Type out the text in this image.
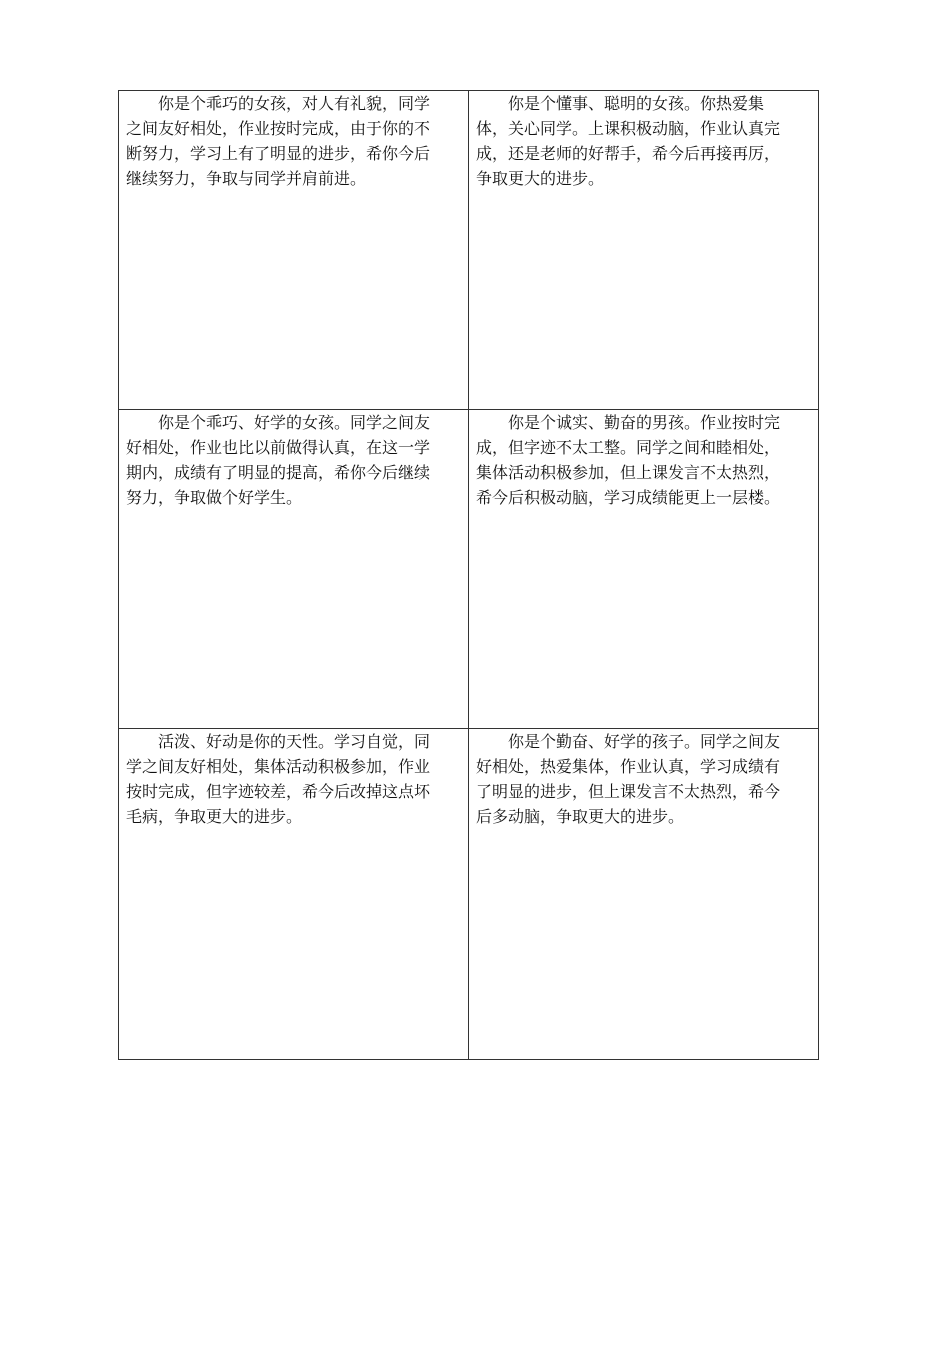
你是个乖巧的女孩，对人有礼貌，同学之间友好相处，作业按时完成，由于你的不断努力，学习上有了明显的进步，希你今后继续努力，争取与同学并肩前进。	你是个懂事、聪明的女孩。你热爱集体，关心同学。上课积极动脑，作业认真完成，还是老师的好帮手，希今后再接再厉，争取更大的进步。

你是个乖巧、好学的女孩。同学之间友好相处，作业也比以前做得认真，在这一学期内，成绩有了明显的提高，希你今后继续努力，争取做个好学生。	你是个诚实、勤奋的男孩。作业按时完成，但字迹不太工整。同学之间和睦相处，集体活动积极参加，但上课发言不太热烈，希今后积极动脑，学习成绩能更上一层楼。

活泼、好动是你的天性。学习自觉，同学之间友好相处，集体活动积极参加，作业按时完成，但字迹较差，希今后改掉这点坏毛病，争取更大的进步。	你是个勤奋、好学的孩子。同学之间友好相处，热爱集体，作业认真，学习成绩有了明显的进步，但上课发言不太热烈，希今后多动脑，争取更大的进步。
